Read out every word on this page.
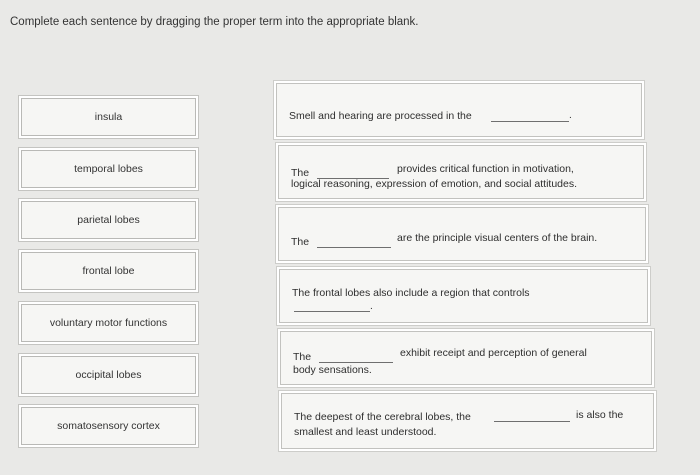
Complete each sentence by dragging the proper term into the appropriate blank.
insula
temporal lobes
parietal lobes
frontal lobe
voluntary motor functions
occipital lobes
somatosensory cortex
Smell and hearing are processed in the	.
The	provides critical function in motivation,
logical reasoning, expression of emotion, and social attitudes.
The	are the principle visual centers of the brain.
The frontal lobes also include a region that controls
.
The	exhibit receipt and perception of general
body sensations.
The deepest of the cerebral lobes, the	is also the
smallest and least understood.
